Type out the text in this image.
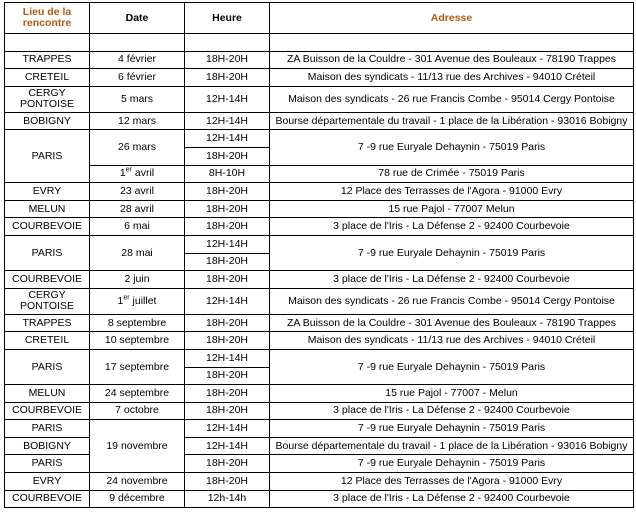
Lieu de la rencontre	Date	Heure	Adresse

TRAPPES	4 février	18H-20H	ZA Buisson de la Couldre - 301 Avenue des Bouleaux - 78190 Trappes
CRETEIL	6 février	18H-20H	Maison des syndicats - 11/13 rue des Archives - 94010 Créteil
CERGY PONTOISE	5 mars	12H-14H	Maison des syndicats - 26 rue Francis Combe - 95014 Cergy Pontoise
BOBIGNY	12 mars	12H-14H	Bourse départementale du travail - 1 place de la Libération - 93016 Bobigny
PARIS	26 mars	12H-14H	7 -9 rue Euryale Dehaynin - 75019 Paris
		18H-20H	
	1er avril	8H-10H	78 rue de Crimée - 75019 Paris
EVRY	23 avril	18H-20H	12 Place des Terrasses de l'Agora - 91000 Evry
MELUN	28 avril	18H-20H	15 rue Pajol - 77007 Melun
COURBEVOIE	6 mai	18H-20H	3 place de l'Iris - La Défense 2 - 92400 Courbevoie
PARIS	28 mai	12H-14H	7 -9 rue Euryale Dehaynin - 75019 Paris
		18H-20H	
COURBEVOIE	2 juin	18H-20H	3 place de l'Iris - La Défense 2 - 92400 Courbevoie
CERGY PONTOISE	1er juillet	12H-14H	Maison des syndicats - 26 rue Francis Combe - 95014 Cergy Pontoise
TRAPPES	8 septembre	18H-20H	ZA Buisson de la Couldre - 301 Avenue des Bouleaux - 78190 Trappes
CRETEIL	10 septembre	18H-20H	Maison des syndicats - 11/13 rue des Archives - 94010 Créteil
PARIS	17 septembre	12H-14H	7 -9 rue Euryale Dehaynin - 75019 Paris
		18H-20H	
MELUN	24 septembre	18H-20H	15 rue Pajol - 77007 - Melun
COURBEVOIE	7 octobre	18H-20H	3 place de l'Iris - La Défense 2 - 92400 Courbevoie
PARIS	19 novembre	12H-14H	7 -9 rue Euryale Dehaynin - 75019 Paris
BOBIGNY		12H-14H	Bourse départementale du travail - 1 place de la Libération - 93016 Bobigny
PARIS		18H-20H	7 -9 rue Euryale Dehaynin - 75019 Paris
EVRY	24 novembre	18H-20H	12 Place des Terrasses de l'Agora - 91000 Evry
COURBEVOIE	9 décembre	12h-14h	3 place de l'Iris - La Défense 2 - 92400 Courbevoie
